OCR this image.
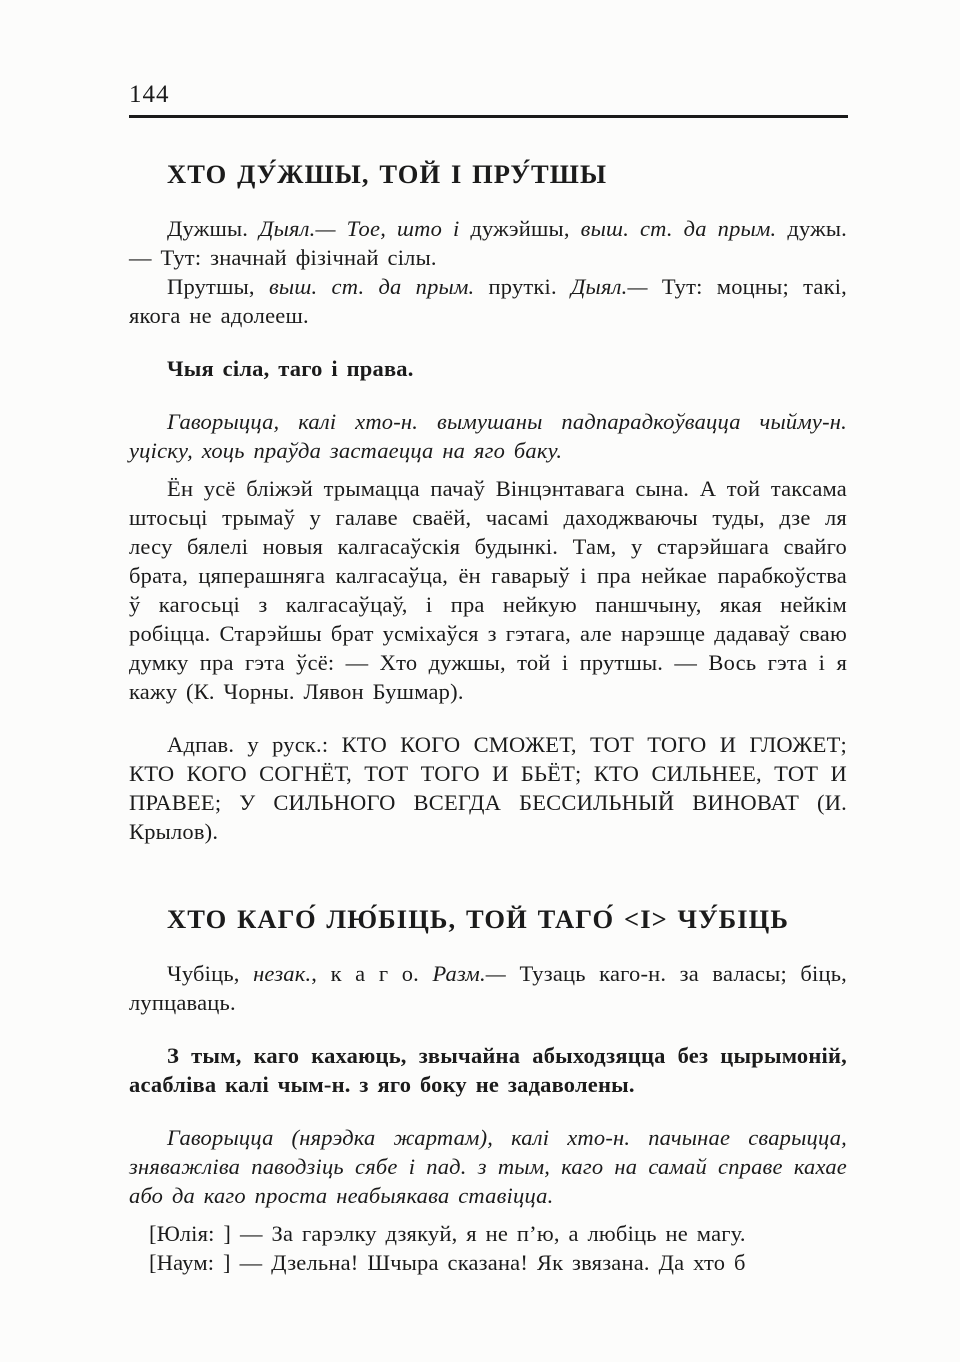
144

ХТО ДУ́ЖШЫ, ТОЙ І ПРУ́ТШЫ

Дужшы. Дыял.— Тое, што і дужэйшы, выш. ст. да прым. дужы.— Тут: значнай фізічнай сілы.

Прутшы, выш. ст. да прым. пруткі. Дыял.— Тут: моцны; такі, якога не адолееш.

Чыя сіла, таго і права.

Гаворыцца, калі хто-н. вымушаны падпарадкоўвацца чыйму-н. уціску, хоць праўда застаецца на яго баку.

Ён усё бліжэй трымацца пачаў Вінцэнтавага сына. А той таксама штосьці трымаў у галаве сваёй, часамі даходжваючы туды, дзе ля лесу бялелі новыя калгасаўскія будынкі. Там, у старэйшага свайго брата, цяперашняга калгасаўца, ён гаварыў і пра нейкае парабкоўства ў кагосьці з калгасаўцаў, і пра нейкую паншчыну, якая нейкім робіцца. Старэйшы брат усміхаўся з гэтага, але нарэшце дадаваў сваю думку пра гэта ўсё: — Хто дужшы, той і прутшы. — Вось гэта і я кажу (К. Чорны. Лявон Бушмар).

Адпав. у руск.: КТО КОГО СМОЖЕТ, ТОТ ТОГО И ГЛОЖЕТ; КТО КОГО СОГНЁТ, ТОТ ТОГО И БЬЁТ; КТО СИЛЬНЕЕ, ТОТ И ПРАВЕЕ; У СИЛЬНОГО ВСЕГДА БЕССИЛЬНЫЙ ВИНОВАТ (И. Крылов).

ХТО КАГО́ ЛЮ́БІЦЬ, ТОЙ ТАГО́ <І> ЧУ́БІЦЬ

Чубіць, незак., к а г о. Разм.— Тузаць каго-н. за валасы; біць, лупцаваць.

З тым, каго кахаюць, звычайна абыходзяцца без цырымоній, асабліва калі чым-н. з яго боку не задаволены.

Гаворыцца (нярэдка жартам), калі хто-н. пачынае сварыцца, зняважліва паводзіць сябе і пад. з тым, каго на самай справе кахае або да каго проста неабыякава ставіцца.

[Юлія: ] — За гарэлку дзякуй, я не п’ю, а любіць не магу.

[Наум: ] — Дзельна! Шчыра сказана! Як звязана. Да хто б
